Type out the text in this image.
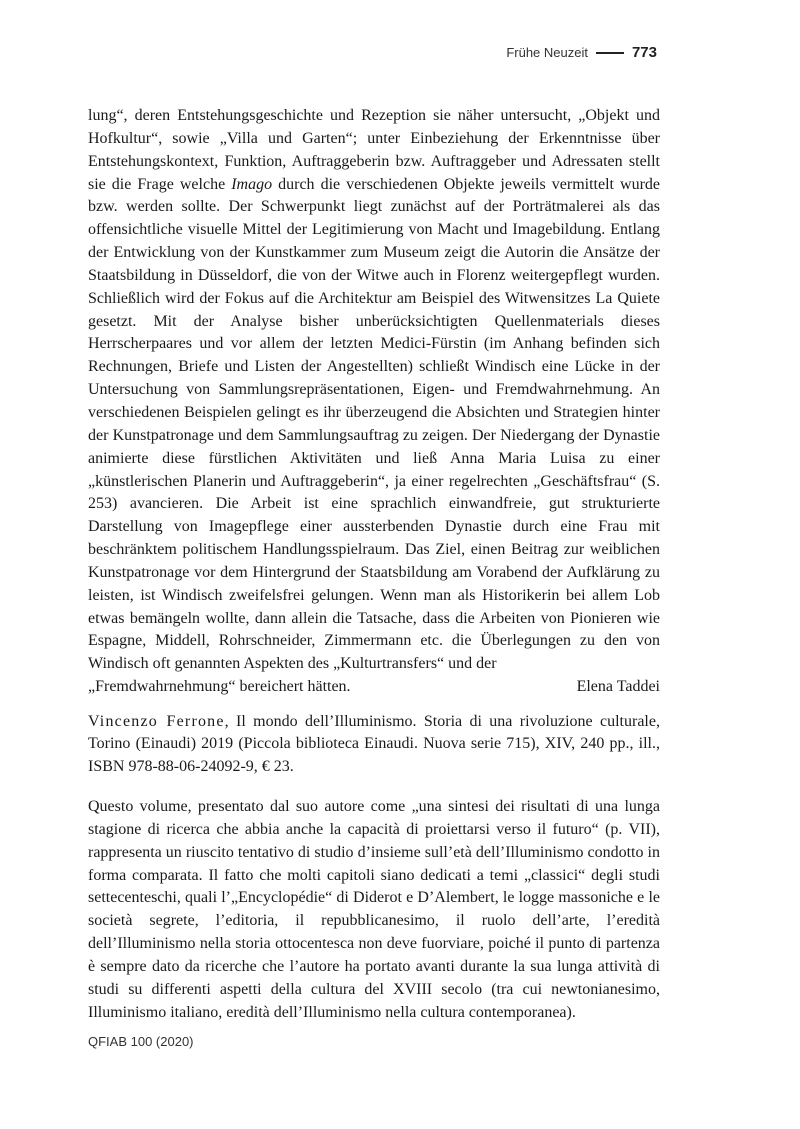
Frühe Neuzeit	773

lung“, deren Entstehungsgeschichte und Rezeption sie näher untersucht, „Objekt und Hofkultur“, sowie „Villa und Garten“; unter Einbeziehung der Erkenntnisse über Entstehungskontext, Funktion, Auftraggeberin bzw. Auftraggeber und Adressaten stellt sie die Frage welche Imago durch die verschiedenen Objekte jeweils vermittelt wurde bzw. werden sollte. Der Schwerpunkt liegt zunächst auf der Porträtmalerei als das offensichtliche visuelle Mittel der Legitimierung von Macht und Imagebildung. Entlang der Entwicklung von der Kunstkammer zum Museum zeigt die Autorin die Ansätze der Staatsbildung in Düsseldorf, die von der Witwe auch in Florenz weitergepflegt wurden. Schließlich wird der Fokus auf die Architektur am Beispiel des Witwensitzes La Quiete gesetzt. Mit der Analyse bisher unberücksichtigten Quellenmaterials dieses Herrscherpaares und vor allem der letzten Medici-Fürstin (im Anhang befinden sich Rechnungen, Briefe und Listen der Angestellten) schließt Windisch eine Lücke in der Untersuchung von Sammlungsrepräsentationen, Eigen- und Fremdwahrnehmung. An verschiedenen Beispielen gelingt es ihr überzeugend die Absichten und Strategien hinter der Kunstpatronage und dem Sammlungsauftrag zu zeigen. Der Niedergang der Dynastie animierte diese fürstlichen Aktivitäten und ließ Anna Maria Luisa zu einer „künstlerischen Planerin und Auftraggeberin“, ja einer regelrechten „Geschäftsfrau“ (S. 253) avancieren. Die Arbeit ist eine sprachlich einwandfreie, gut strukturierte Darstellung von Imagepflege einer aussterbenden Dynastie durch eine Frau mit beschränktem politischem Handlungsspielraum. Das Ziel, einen Beitrag zur weiblichen Kunstpatronage vor dem Hintergrund der Staatsbildung am Vorabend der Aufklärung zu leisten, ist Windisch zweifelsfrei gelungen. Wenn man als Historikerin bei allem Lob etwas bemängeln wollte, dann allein die Tatsache, dass die Arbeiten von Pionieren wie Espagne, Middell, Rohrschneider, Zimmermann etc. die Überlegungen zu den von Windisch oft genannten Aspekten des „Kulturtransfers“ und der

„Fremdwahrnehmung“ bereichert hätten.	Elena Taddei

Vincenzo Ferrone, Il mondo dell’Illuminismo. Storia di una rivoluzione culturale, Torino (Einaudi) 2019 (Piccola biblioteca Einaudi. Nuova serie 715), XIV, 240 pp., ill., ISBN 978-88-06-24092-9, € 23.

Questo volume, presentato dal suo autore come „una sintesi dei risultati di una lunga stagione di ricerca che abbia anche la capacità di proiettarsi verso il futuro“ (p. VII), rappresenta un riuscito tentativo di studio d’insieme sull’età dell’Illuminismo condotto in forma comparata. Il fatto che molti capitoli siano dedicati a temi „classici“ degli studi settecenteschi, quali l’„Encyclopédie“ di Diderot e D’Alembert, le logge massoniche e le società segrete, l’editoria, il repubblicanesimo, il ruolo dell’arte, l’eredità dell’Illuminismo nella storia ottocentesca non deve fuorviare, poiché il punto di partenza è sempre dato da ricerche che l’autore ha portato avanti durante la sua lunga attività di studi su differenti aspetti della cultura del XVIII secolo (tra cui newtonianesimo, Illuminismo italiano, eredità dell’Illuminismo nella cultura contemporanea).

QFIAB 100 (2020)
